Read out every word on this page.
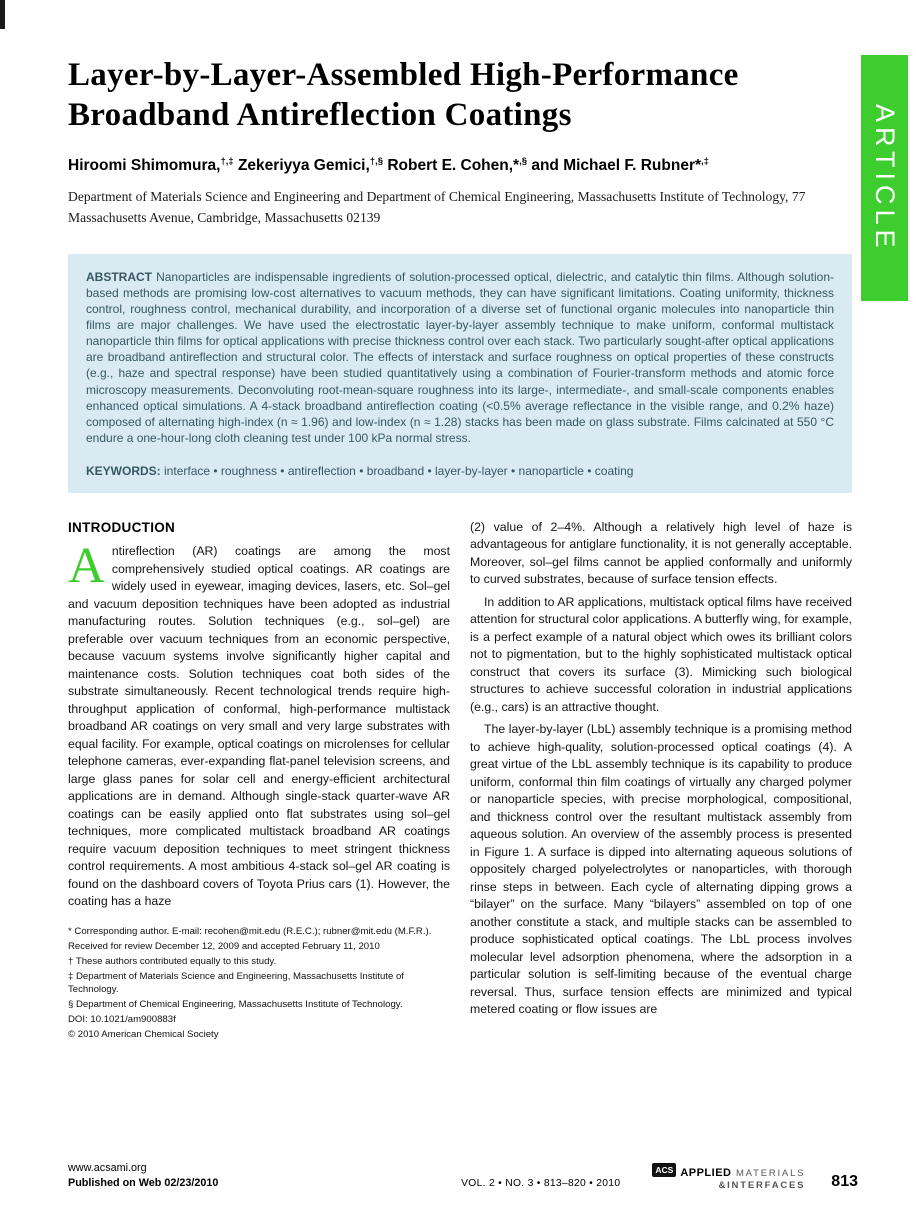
ARTICLE
Layer-by-Layer-Assembled High-Performance
Broadband Antireflection Coatings
Hiroomi Shimomura,†,‡ Zekeriyya Gemici,†,§ Robert E. Cohen,*,§ and Michael F. Rubner*,‡
Department of Materials Science and Engineering and Department of Chemical Engineering, Massachusetts Institute of Technology, 77 Massachusetts Avenue, Cambridge, Massachusetts 02139

ABSTRACT Nanoparticles are indispensable ingredients of solution-processed optical, dielectric, and catalytic thin films. Although solution-based methods are promising low-cost alternatives to vacuum methods, they can have significant limitations. Coating uniformity, thickness control, roughness control, mechanical durability, and incorporation of a diverse set of functional organic molecules into nanoparticle thin films are major challenges. We have used the electrostatic layer-by-layer assembly technique to make uniform, conformal multistack nanoparticle thin films for optical applications with precise thickness control over each stack. Two particularly sought-after optical applications are broadband antireflection and structural color. The effects of interstack and surface roughness on optical properties of these constructs (e.g., haze and spectral response) have been studied quantitatively using a combination of Fourier-transform methods and atomic force microscopy measurements. Deconvoluting root-mean-square roughness into its large-, intermediate-, and small-scale components enables enhanced optical simulations. A 4-stack broadband antireflection coating (<0.5% average reflectance in the visible range, and 0.2% haze) composed of alternating high-index (n ≈ 1.96) and low-index (n ≈ 1.28) stacks has been made on glass substrate. Films calcinated at 550 °C endure a one-hour-long cloth cleaning test under 100 kPa normal stress.

KEYWORDS: interface • roughness • antireflection • broadband • layer-by-layer • nanoparticle • coating

INTRODUCTION

Antireflection (AR) coatings are among the most comprehensively studied optical coatings. AR coatings are widely used in eyewear, imaging devices, lasers, etc. Sol–gel and vacuum deposition techniques have been adopted as industrial manufacturing routes. Solution techniques (e.g., sol–gel) are preferable over vacuum techniques from an economic perspective, because vacuum systems involve significantly higher capital and maintenance costs. Solution techniques coat both sides of the substrate simultaneously. Recent technological trends require high-throughput application of conformal, high-performance multistack broadband AR coatings on very small and very large substrates with equal facility. For example, optical coatings on microlenses for cellular telephone cameras, ever-expanding flat-panel television screens, and large glass panes for solar cell and energy-efficient architectural applications are in demand. Although single-stack quarter-wave AR coatings can be easily applied onto flat substrates using sol–gel techniques, more complicated multistack broadband AR coatings require vacuum deposition techniques to meet stringent thickness control requirements. A most ambitious 4-stack sol–gel AR coating is found on the dashboard covers of Toyota Prius cars (1). However, the coating has a haze

* Corresponding author. E-mail: recohen@mit.edu (R.E.C.); rubner@mit.edu (M.F.R.).
Received for review December 12, 2009 and accepted February 11, 2010
† These authors contributed equally to this study.
‡ Department of Materials Science and Engineering, Massachusetts Institute of Technology.
§ Department of Chemical Engineering, Massachusetts Institute of Technology.
DOI: 10.1021/am900883f
© 2010 American Chemical Society

(2) value of 2–4%. Although a relatively high level of haze is advantageous for antiglare functionality, it is not generally acceptable. Moreover, sol–gel films cannot be applied conformally and uniformly to curved substrates, because of surface tension effects.

In addition to AR applications, multistack optical films have received attention for structural color applications. A butterfly wing, for example, is a perfect example of a natural object which owes its brilliant colors not to pigmentation, but to the highly sophisticated multistack optical construct that covers its surface (3). Mimicking such biological structures to achieve successful coloration in industrial applications (e.g., cars) is an attractive thought.

The layer-by-layer (LbL) assembly technique is a promising method to achieve high-quality, solution-processed optical coatings (4). A great virtue of the LbL assembly technique is its capability to produce uniform, conformal thin film coatings of virtually any charged polymer or nanoparticle species, with precise morphological, compositional, and thickness control over the resultant multistack assembly from aqueous solution. An overview of the assembly process is presented in Figure 1. A surface is dipped into alternating aqueous solutions of oppositely charged polyelectrolytes or nanoparticles, with thorough rinse steps in between. Each cycle of alternating dipping grows a “bilayer” on the surface. Many “bilayers” assembled on top of one another constitute a stack, and multiple stacks can be assembled to produce sophisticated optical coatings. The LbL process involves molecular level adsorption phenomena, where the adsorption in a particular solution is self-limiting because of the eventual charge reversal. Thus, surface tension effects are minimized and typical metered coating or flow issues are

www.acsami.org
Published on Web 02/23/2010	VOL. 2 • NO. 3 • 813–820 • 2010
ACS APPLIED MATERIALS
&INTERFACES 813
